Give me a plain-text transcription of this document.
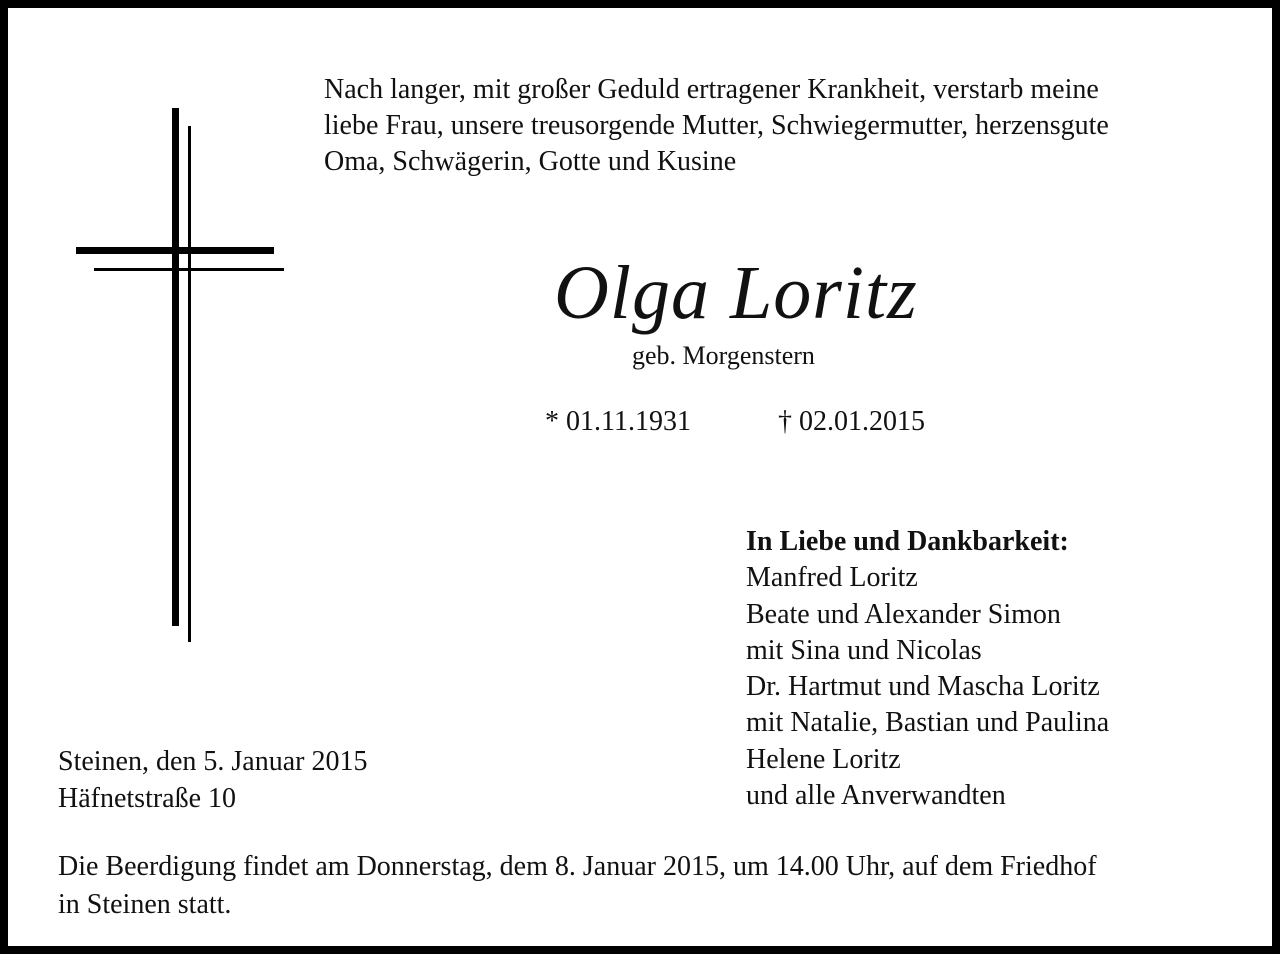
Nach langer, mit großer Geduld ertragener Krankheit, verstarb meine
liebe Frau, unsere treusorgende Mutter, Schwiegermutter, herzensgute
Oma, Schwägerin, Gotte und Kusine
Olga Loritz
geb. Morgenstern
* 01.11.1931	† 02.01.2015
In Liebe und Dankbarkeit:
Manfred Loritz
Beate und Alexander Simon
mit Sina und Nicolas
Dr. Hartmut und Mascha Loritz
mit Natalie, Bastian und Paulina
Helene Loritz
und alle Anverwandten
Steinen, den 5. Januar 2015
Häfnetstraße 10
Die Beerdigung findet am Donnerstag, dem 8. Januar 2015, um 14.00 Uhr, auf dem Friedhof
in Steinen statt.
